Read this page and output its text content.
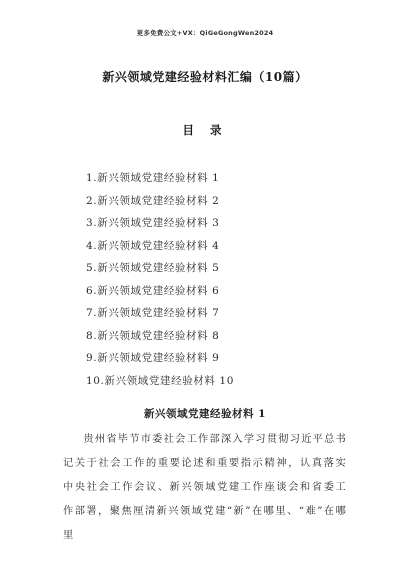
更多免费公文+VX：QiGeGongWen2024
新兴领域党建经验材料汇编（10篇）
目 录
1.新兴领域党建经验材料 1
2.新兴领域党建经验材料 2
3.新兴领域党建经验材料 3
4.新兴领域党建经验材料 4
5.新兴领域党建经验材料 5
6.新兴领域党建经验材料 6
7.新兴领域党建经验材料 7
8.新兴领域党建经验材料 8
9.新兴领域党建经验材料 9
10.新兴领域党建经验材料 10
新兴领域党建经验材料 1

贵州省毕节市委社会工作部深入学习贯彻习近平总书记关于社会工作的重要论述和重要指示精神，认真落实中央社会工作会议、新兴领域党建工作座谈会和省委工作部署，聚焦厘清新兴领域党建“新”在哪里、“难”在哪里
